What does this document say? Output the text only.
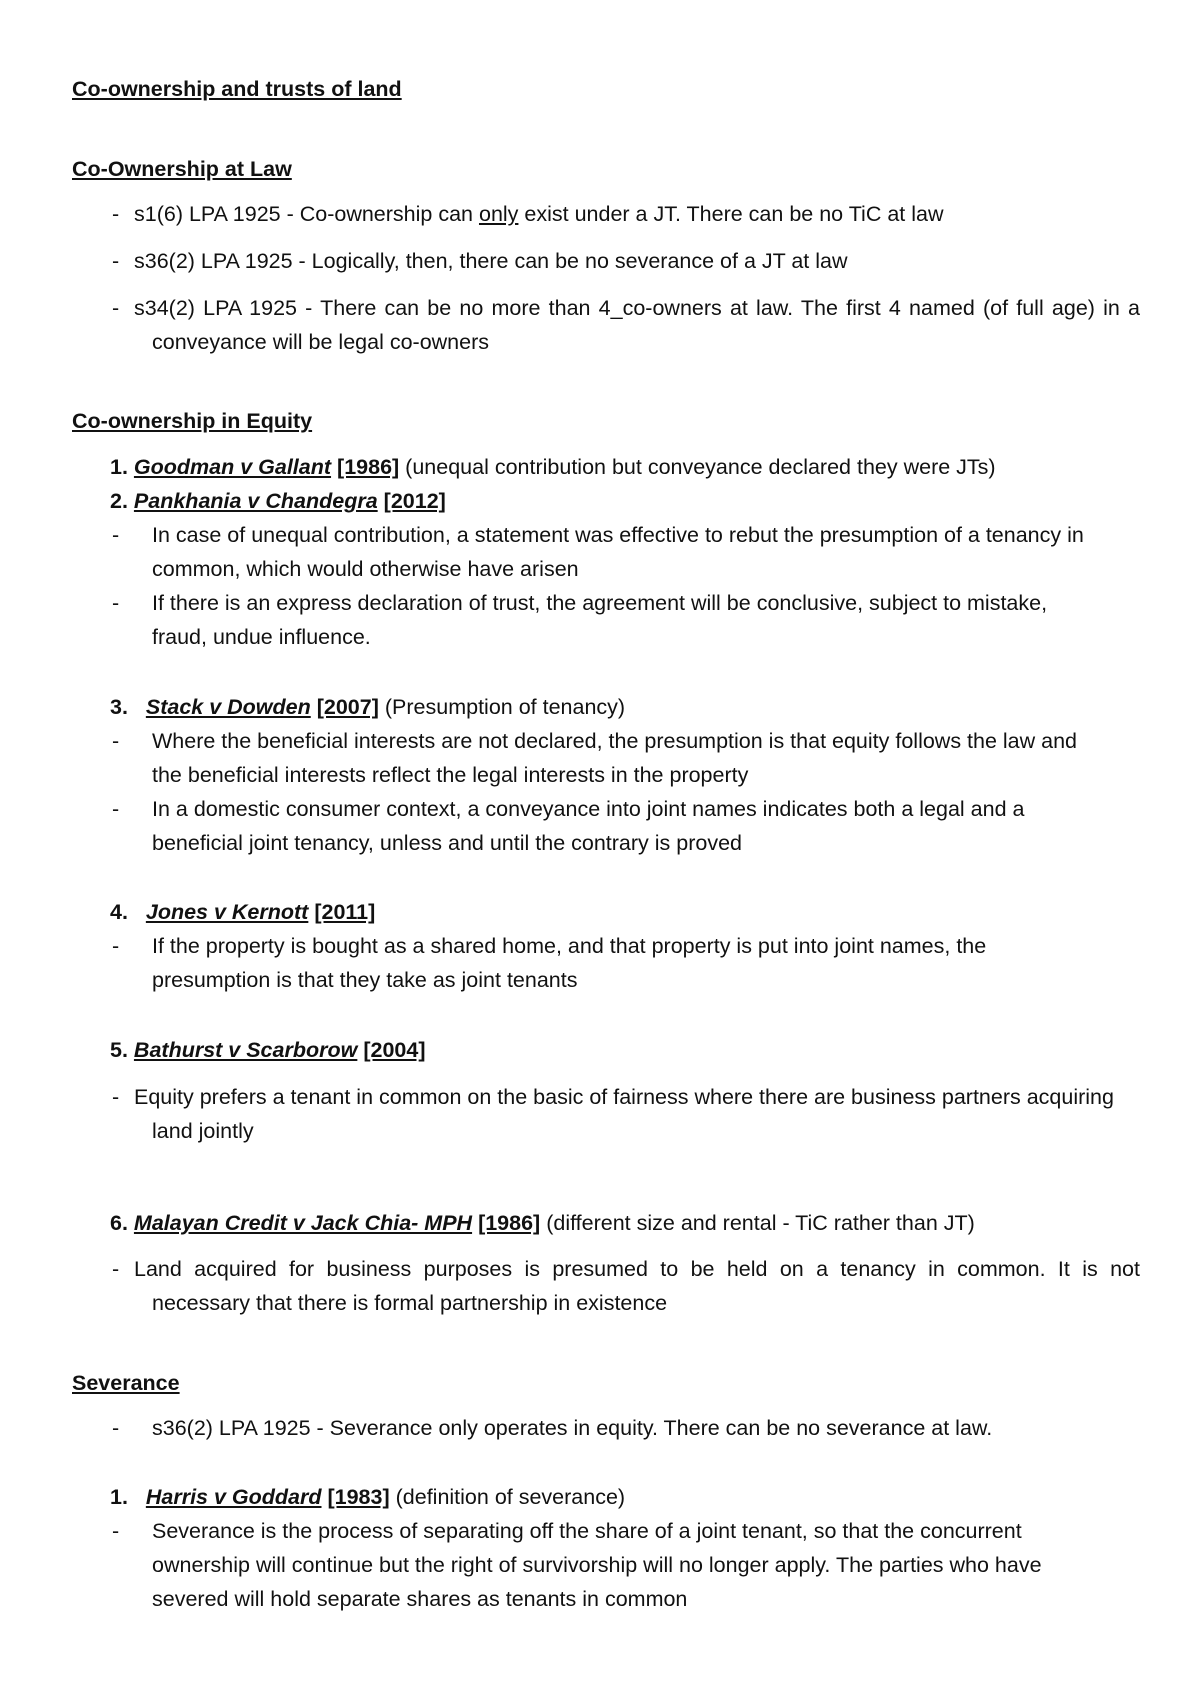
Co-ownership and trusts of land
Co-Ownership at Law
- s1(6) LPA 1925 - Co-ownership can only exist under a JT. There can be no TiC at law
- s36(2) LPA 1925 - Logically, then, there can be no severance of a JT at law
- s34(2) LPA 1925 - There can be no more than 4_co-owners at law. The first 4 named (of full age) in a
conveyance will be legal co-owners
Co-ownership in Equity
1. Goodman v Gallant [1986] (unequal contribution but conveyance declared they were JTs)
2. Pankhania v Chandegra [2012]
- In case of unequal contribution, a statement was effective to rebut the presumption of a tenancy in
common, which would otherwise have arisen
- If there is an express declaration of trust, the agreement will be conclusive, subject to mistake,
fraud, undue influence.
3. Stack v Dowden [2007] (Presumption of tenancy)
- Where the beneficial interests are not declared, the presumption is that equity follows the law and
the beneficial interests reflect the legal interests in the property
- In a domestic consumer context, a conveyance into joint names indicates both a legal and a
beneficial joint tenancy, unless and until the contrary is proved
4. Jones v Kernott [2011]
- If the property is bought as a shared home, and that property is put into joint names, the
presumption is that they take as joint tenants
5. Bathurst v Scarborow [2004]
- Equity prefers a tenant in common on the basic of fairness where there are business partners acquiring
land jointly
6. Malayan Credit v Jack Chia- MPH [1986] (different size and rental - TiC rather than JT)
- Land acquired for business purposes is presumed to be held on a tenancy in common. It is not
necessary that there is formal partnership in existence
Severance
- s36(2) LPA 1925 - Severance only operates in equity. There can be no severance at law.
1. Harris v Goddard [1983] (definition of severance)
- Severance is the process of separating off the share of a joint tenant, so that the concurrent
ownership will continue but the right of survivorship will no longer apply. The parties who have
severed will hold separate shares as tenants in common
